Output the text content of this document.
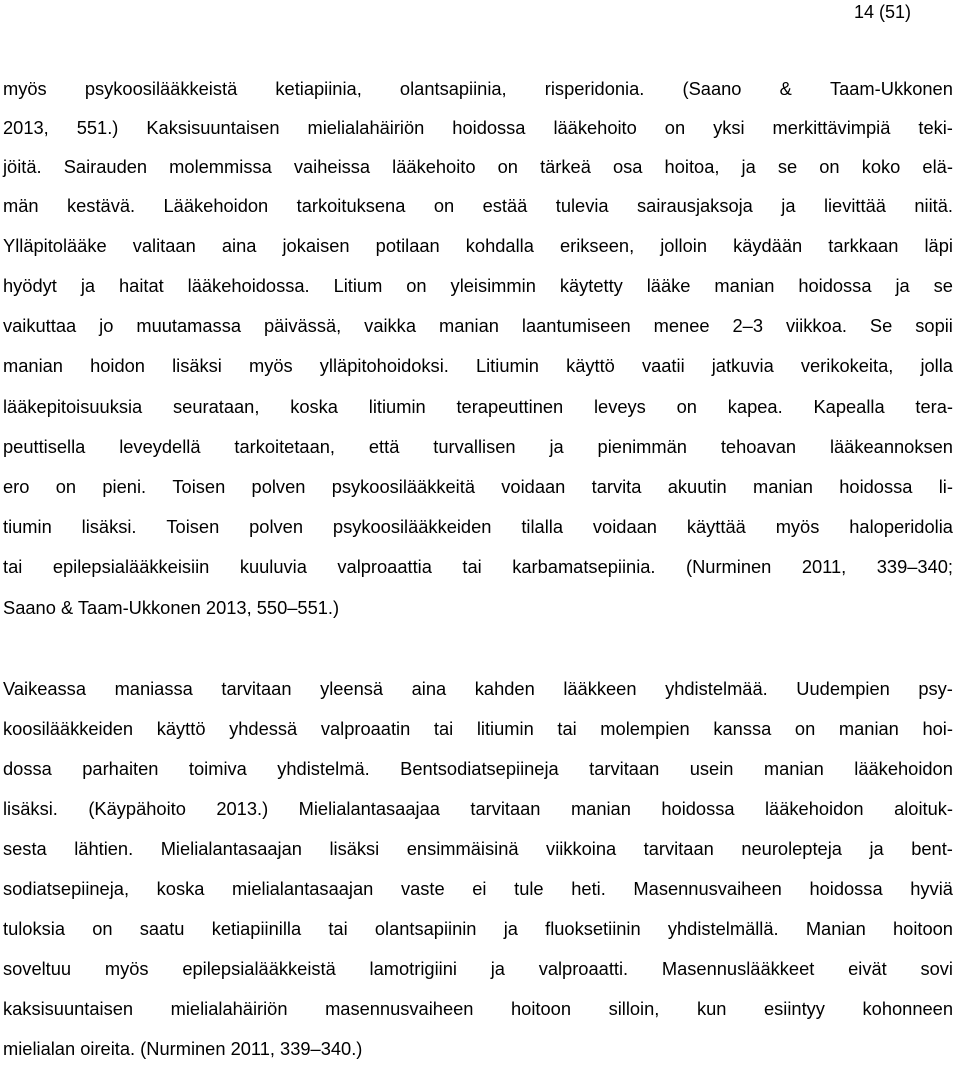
14 (51)
myös psykoosilääkkeistä ketiapiinia, olantsapiinia, risperidonia. (Saano & Taam-Ukkonen
2013, 551.) Kaksisuuntaisen mielialahäiriön hoidossa lääkehoito on yksi merkittävimpiä teki-
jöitä. Sairauden molemmissa vaiheissa lääkehoito on tärkeä osa hoitoa, ja se on koko elä-
män kestävä. Lääkehoidon tarkoituksena on estää tulevia sairausjaksoja ja lievittää niitä.
Ylläpitolääke valitaan aina jokaisen potilaan kohdalla erikseen, jolloin käydään tarkkaan läpi
hyödyt ja haitat lääkehoidossa. Litium on yleisimmin käytetty lääke manian hoidossa ja se
vaikuttaa jo muutamassa päivässä, vaikka manian laantumiseen menee 2–3 viikkoa. Se sopii
manian hoidon lisäksi myös ylläpitohoidoksi. Litiumin käyttö vaatii jatkuvia verikokeita, jolla
lääkepitoisuuksia seurataan, koska litiumin terapeuttinen leveys on kapea. Kapealla tera-
peuttisella leveydellä tarkoitetaan, että turvallisen ja pienimmän tehoavan lääkeannoksen
ero on pieni. Toisen polven psykoosilääkkeitä voidaan tarvita akuutin manian hoidossa li-
tiumin lisäksi. Toisen polven psykoosilääkkeiden tilalla voidaan käyttää myös haloperidolia
tai epilepsialääkkeisiin kuuluvia valproaattia tai karbamatsepiinia. (Nurminen 2011, 339–340;
Saano & Taam-Ukkonen 2013, 550–551.)
Vaikeassa maniassa tarvitaan yleensä aina kahden lääkkeen yhdistelmää. Uudempien psy-
koosilääkkeiden käyttö yhdessä valproaatin tai litiumin tai molempien kanssa on manian hoi-
dossa parhaiten toimiva yhdistelmä. Bentsodiatsepiineja tarvitaan usein manian lääkehoidon
lisäksi. (Käypähoito 2013.) Mielialantasaajaa tarvitaan manian hoidossa lääkehoidon aloituk-
sesta lähtien. Mielialantasaajan lisäksi ensimmäisinä viikkoina tarvitaan neurolepteja ja bent-
sodiatsepiineja, koska mielialantasaajan vaste ei tule heti. Masennusvaiheen hoidossa hyviä
tuloksia on saatu ketiapiinilla tai olantsapiinin ja fluoksetiinin yhdistelmällä. Manian hoitoon
soveltuu myös epilepsialääkkeistä lamotrigiini ja valproaatti. Masennuslääkkeet eivät sovi
kaksisuuntaisen mielialahäiriön masennusvaiheen hoitoon silloin, kun esiintyy kohonneen
mielialan oireita. (Nurminen 2011, 339–340.)
